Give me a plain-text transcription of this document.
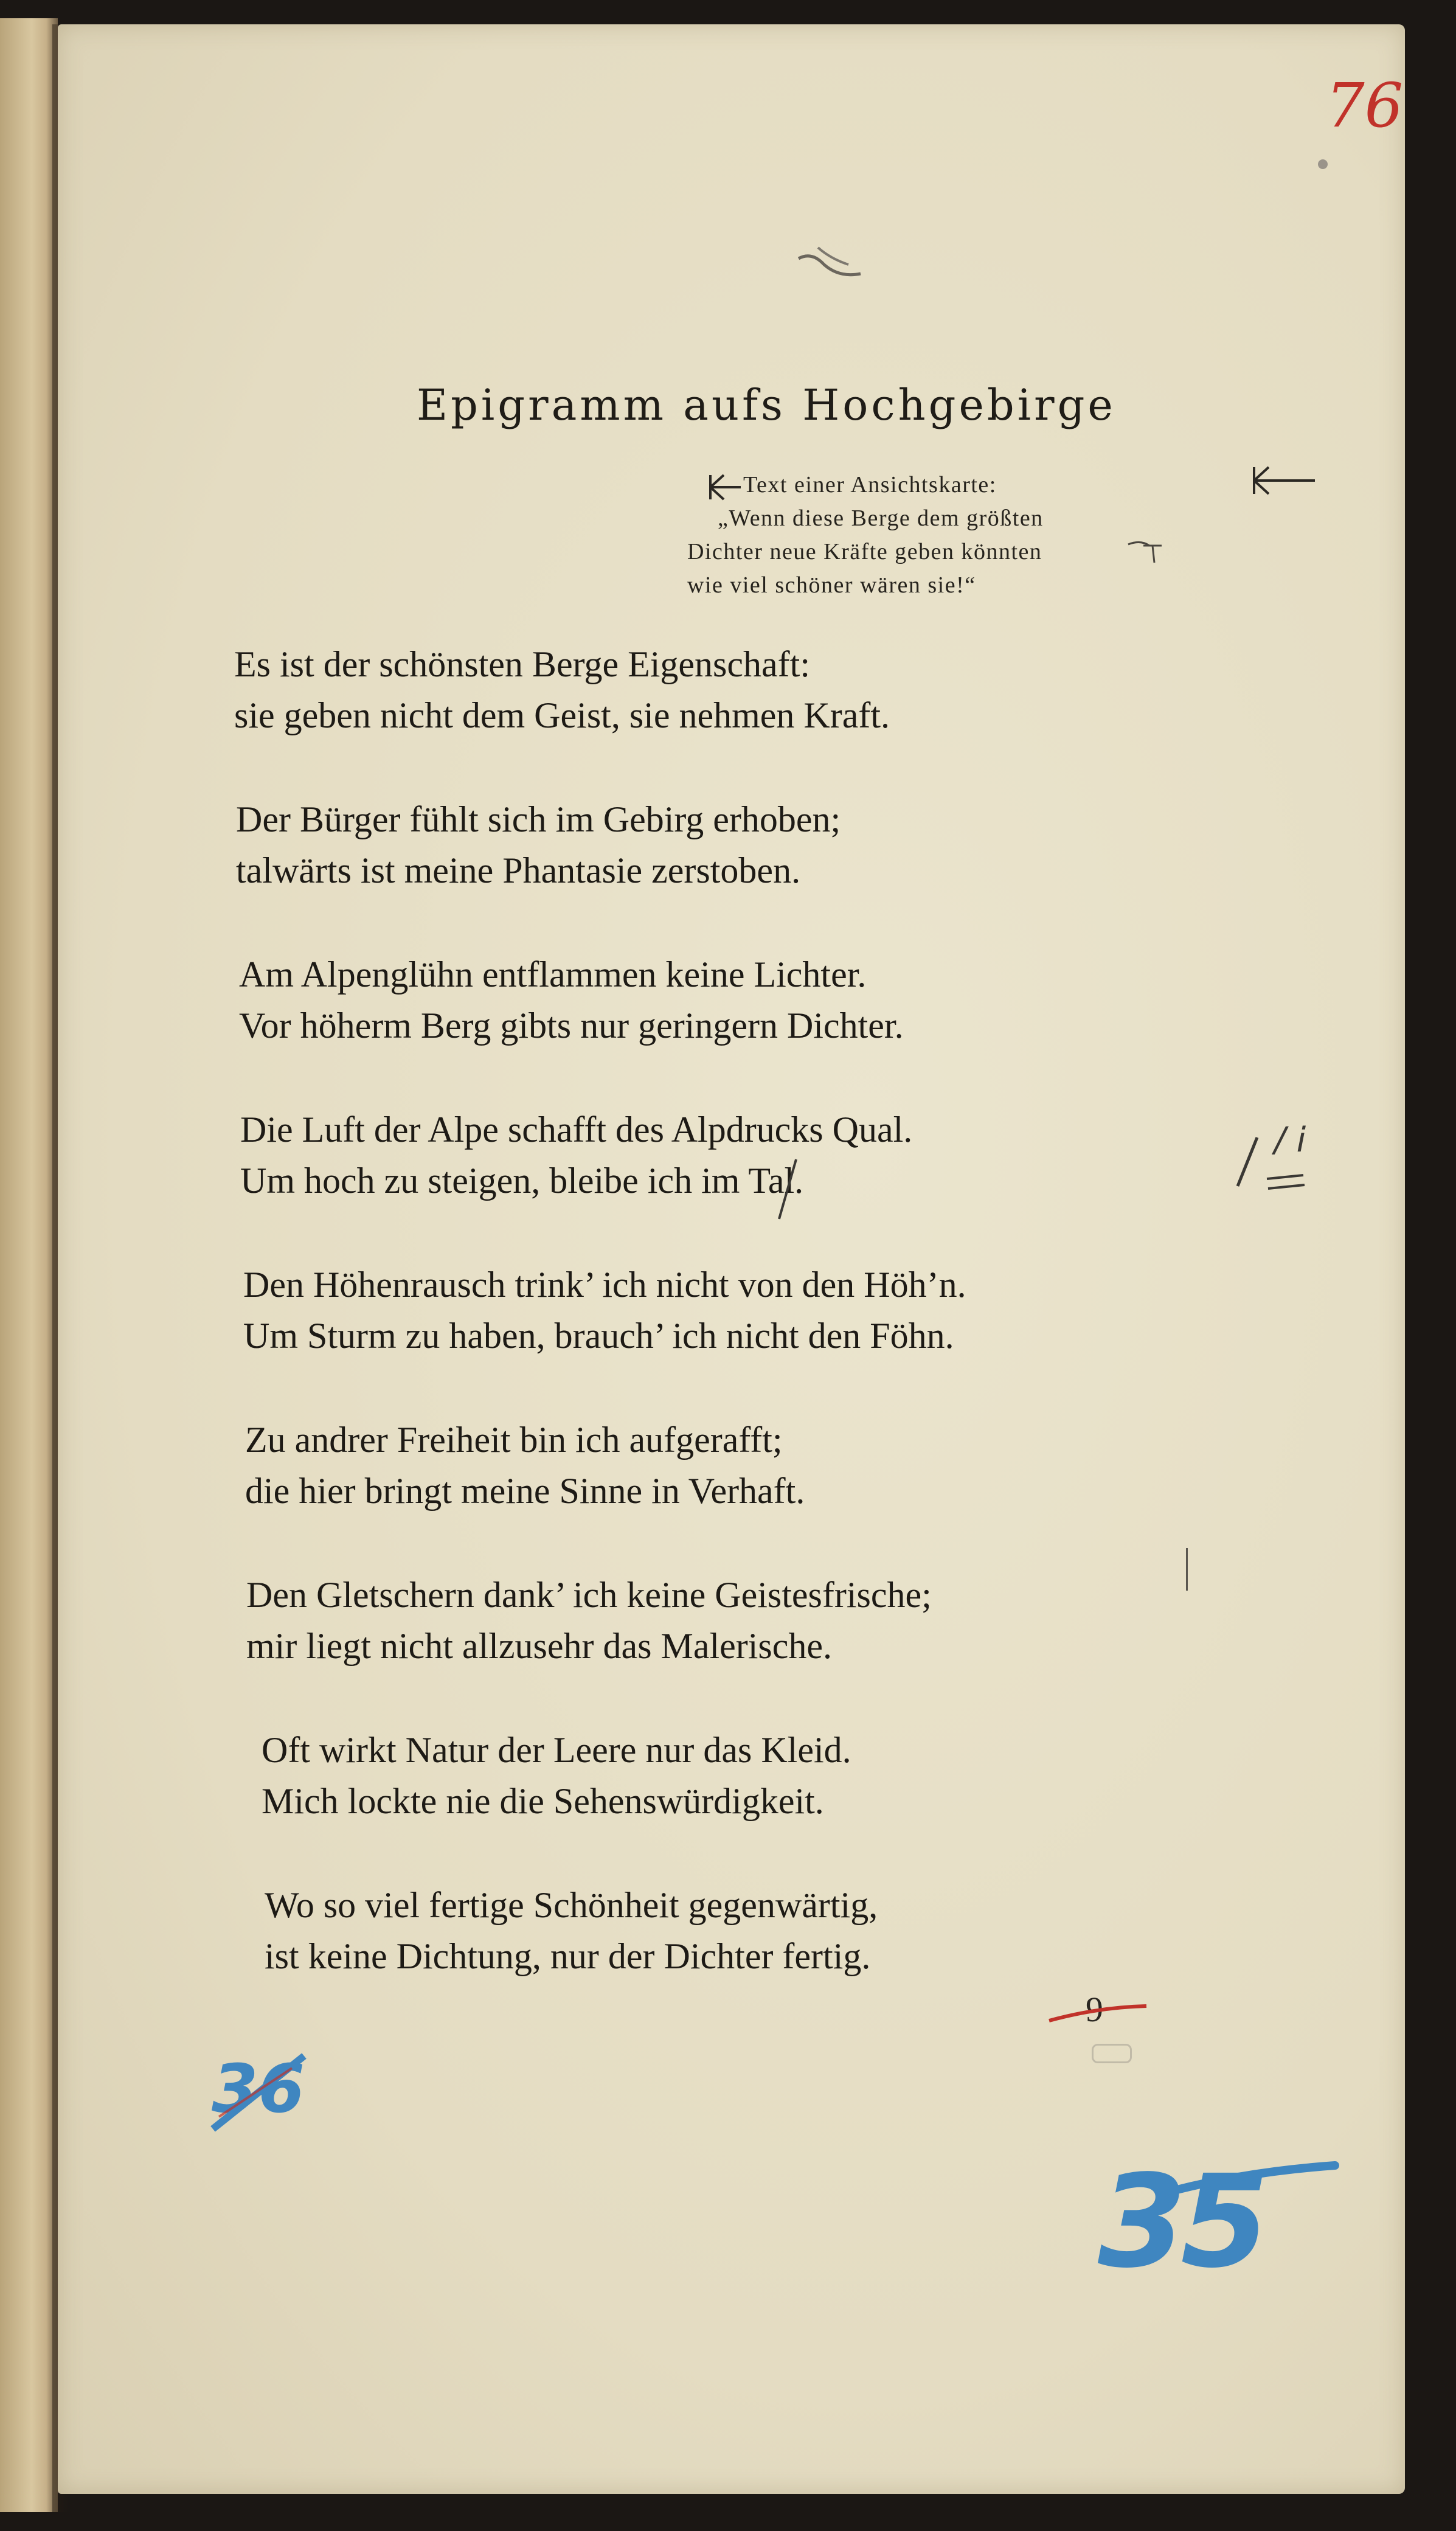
76
Epigramm aufs Hochgebirge
Text einer Ansichtskarte:
„Wenn diese Berge dem größten
Dichter neue Kräfte geben könnten
wie viel schöner wären sie!“
Es ist der schönsten Berge Eigenschaft:
sie geben nicht dem Geist, sie nehmen Kraft.
Der Bürger fühlt sich im Gebirg erhoben;
talwärts ist meine Phantasie zerstoben.
Am Alpenglühn entflammen keine Lichter.
Vor höherm Berg gibts nur geringern Dichter.
Die Luft der Alpe schafft des Alpdrucks Qual.
Um hoch zu steigen, bleibe ich im Tal.
/ i
Den Höhenrausch trink’ ich nicht von den Höh’n.
Um Sturm zu haben, brauch’ ich nicht den Föhn.
Zu andrer Freiheit bin ich aufgerafft;
die hier bringt meine Sinne in Verhaft.
Den Gletschern dank’ ich keine Geistesfrische;
mir liegt nicht allzusehr das Malerische.
Oft wirkt Natur der Leere nur das Kleid.
Mich lockte nie die Sehenswürdigkeit.
Wo so viel fertige Schönheit gegenwärtig,
ist keine Dichtung, nur der Dichter fertig.
9
36
35
